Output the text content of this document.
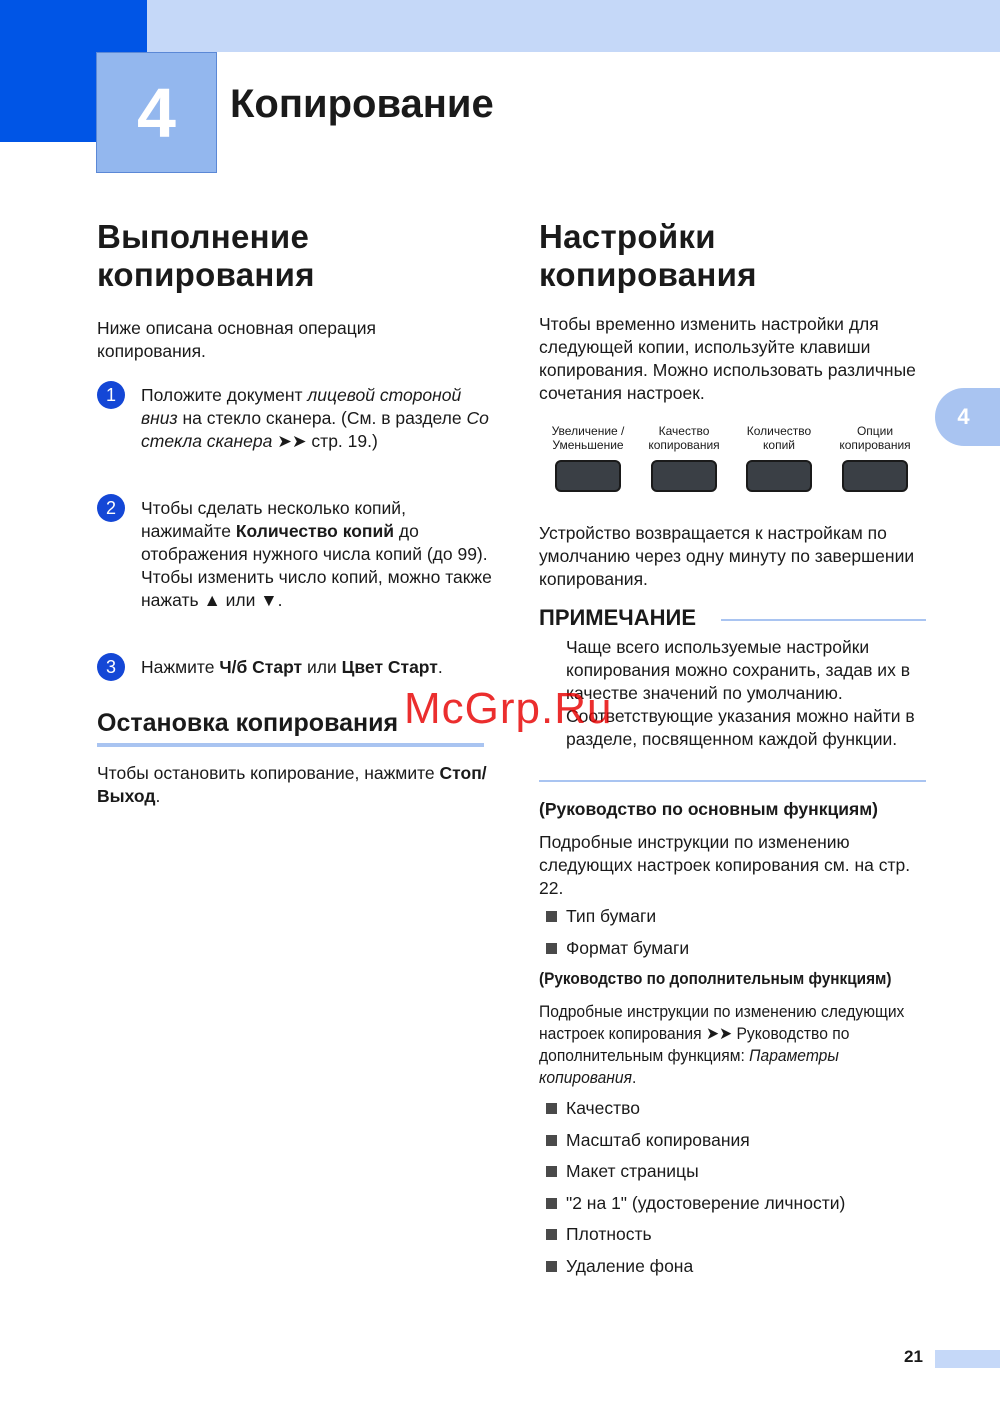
4 Копирование
4
Выполнение копирования
Ниже описана основная операция копирования.
1	Положите документ лицевой стороной вниз на стекло сканера. (См. в разделе Со стекла сканера ➤➤ стр. 19.)
2	Чтобы сделать несколько копий, нажимайте Количество копий до отображения нужного числа копий (до 99).
Чтобы изменить число копий, можно также нажать ▲ или ▼.
3	Нажмите Ч/б Старт или Цвет Старт.
Остановка копирования
Чтобы остановить копирование, нажмите Стоп/Выход.
Настройки копирования
Чтобы временно изменить настройки для следующей копии, используйте клавиши копирования. Можно использовать различные сочетания настроек.
Увеличение /
Уменьшение
Качество
копирования
Количество
копий
Опции
копирования
Устройство возвращается к настройкам по умолчанию через одну минуту по завершении копирования.
ПРИМЕЧАНИЕ
Чаще всего используемые настройки копирования можно сохранить, задав их в качестве значений по умолчанию. Соответствующие указания можно найти в разделе, посвященном каждой функции.
(Руководство по основным функциям)
Подробные инструкции по изменению следующих настроек копирования см. на стр. 22.
Тип бумаги
Формат бумаги
(Руководство по дополнительным функциям)
Подробные инструкции по изменению следующих настроек копирования ➤➤ Руководство по дополнительным функциям: Параметры копирования.
Качество
Масштаб копирования
Макет страницы
"2 на 1" (удостоверение личности)
Плотность
Удаление фона
21
McGrp.Ru
